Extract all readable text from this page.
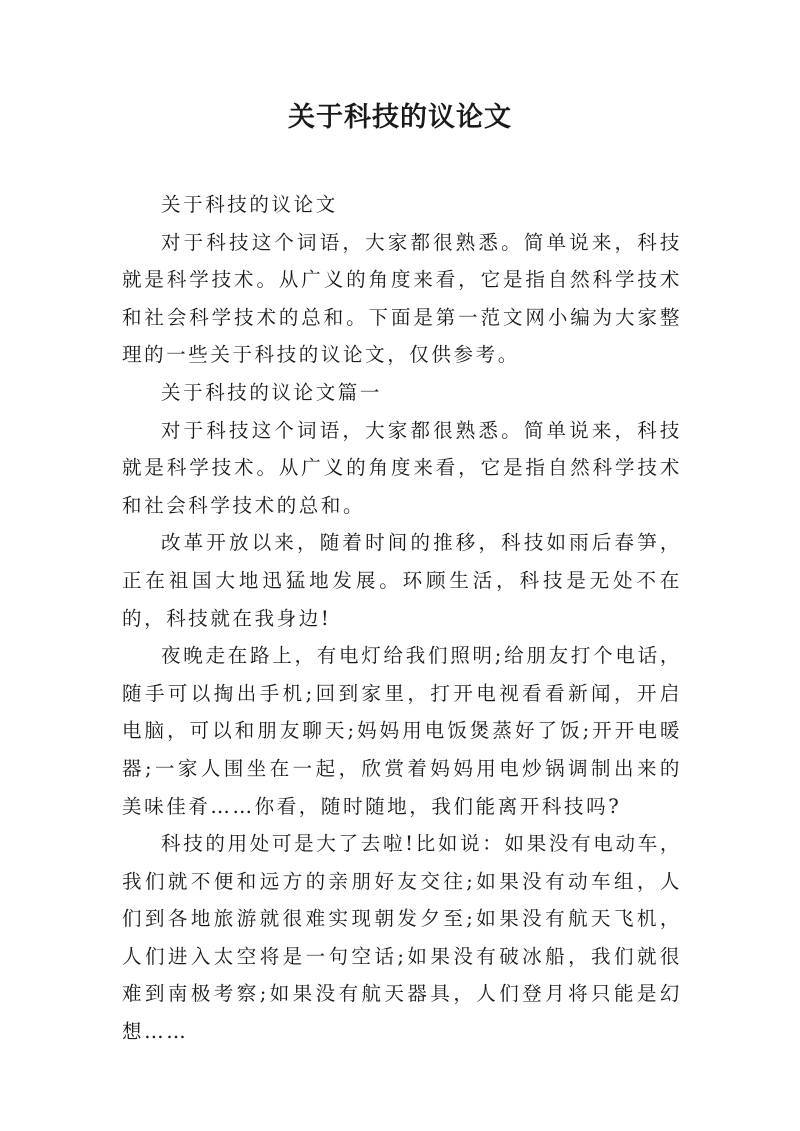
关于科技的议论文

关于科技的议论文

对于科技这个词语，大家都很熟悉。简单说来，科技就是科学技术。从广义的角度来看，它是指自然科学技术和社会科学技术的总和。下面是第一范文网小编为大家整理的一些关于科技的议论文，仅供参考。

关于科技的议论文篇一

对于科技这个词语，大家都很熟悉。简单说来，科技就是科学技术。从广义的角度来看，它是指自然科学技术和社会科学技术的总和。

改革开放以来，随着时间的推移，科技如雨后春笋，正在祖国大地迅猛地发展。环顾生活，科技是无处不在的，科技就在我身边!

夜晚走在路上，有电灯给我们照明;给朋友打个电话，随手可以掏出手机;回到家里，打开电视看看新闻，开启电脑，可以和朋友聊天;妈妈用电饭煲蒸好了饭;开开电暖器;一家人围坐在一起，欣赏着妈妈用电炒锅调制出来的美味佳肴……你看，随时随地，我们能离开科技吗?

科技的用处可是大了去啦!比如说：如果没有电动车，我们就不便和远方的亲朋好友交往;如果没有动车组，人们到各地旅游就很难实现朝发夕至;如果没有航天飞机，人们进入太空将是一句空话;如果没有破冰船，我们就很难到南极考察;如果没有航天器具，人们登月将只能是幻想……
